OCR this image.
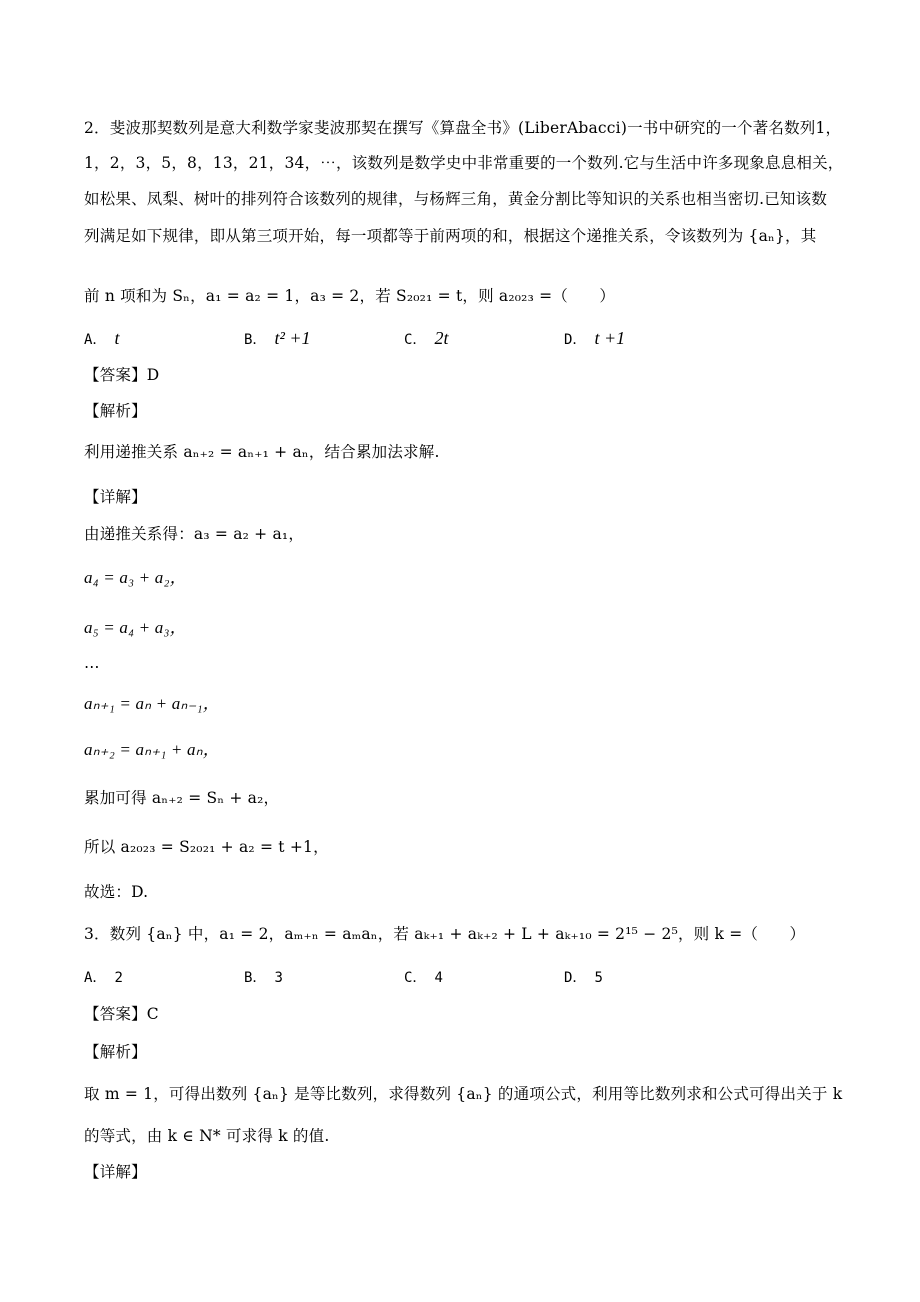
2．斐波那契数列是意大利数学家斐波那契在撰写《算盘全书》(LiberAbacci)一书中研究的一个著名数列1，
1，2，3，5，8，13，21，34，⋯，该数列是数学史中非常重要的一个数列.它与生活中许多现象息息相关，
如松果、凤梨、树叶的排列符合该数列的规律，与杨辉三角，黄金分割比等知识的关系也相当密切.已知该数
列满足如下规律，即从第三项开始，每一项都等于前两项的和，根据这个递推关系，令该数列为 {aₙ}，其
前 n 项和为 Sₙ，a₁ = a₂ = 1，a₃ = 2，若 S₂₀₂₁ = t，则 a₂₀₂₃ =（　　）
A． t	B． t² +1	C． 2t	D． t +1
【答案】D
【解析】
利用递推关系 aₙ₊₂ = aₙ₊₁ + aₙ，结合累加法求解.
【详解】
由递推关系得：a₃ = a₂ + a₁，
a₄ = a₃ + a₂，
a₅ = a₄ + a₃，
⋯
aₙ₊₁ = aₙ + aₙ₋₁，
aₙ₊₂ = aₙ₊₁ + aₙ，
累加可得 aₙ₊₂ = Sₙ + a₂，
所以 a₂₀₂₃ = S₂₀₂₁ + a₂ = t +1，
故选：D.
3．数列 {aₙ} 中，a₁ = 2，aₘ₊ₙ = aₘaₙ，若 aₖ₊₁ + aₖ₊₂ + L + aₖ₊₁₀ = 2¹⁵ − 2⁵，则 k =（　　）
A． 2	B． 3	C． 4	D． 5
【答案】C
【解析】
取 m = 1，可得出数列 {aₙ} 是等比数列，求得数列 {aₙ} 的通项公式，利用等比数列求和公式可得出关于 k
的等式，由 k ∈ N* 可求得 k 的值.
【详解】
